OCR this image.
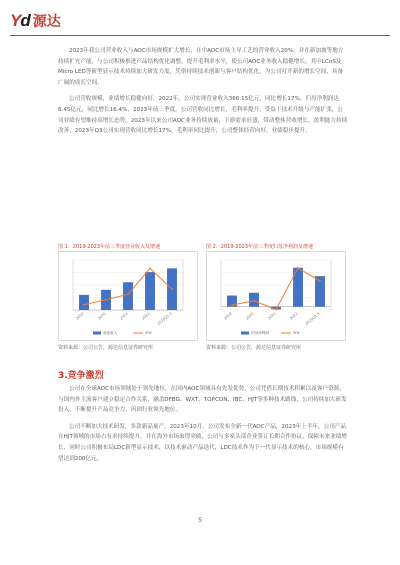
Yd 源达

2023年我公司营业收入与AOC市场规模扩大增长，在中AOC市场主导工艺的营业收入20%，并在新加坡等地方持续扩充产能，与公司积极推进产品结构优化调整，提升毛利率水平，使公司AOC业务收入稳健增长，其中LCoS及Micro LED等新型显示技术持续加大研发力度，凭借持续技术创新与客户结构优化，为公司打开新的增长空间，具备广阔的成长空间。

公司营收规模，业绩增长稳健向好，2022年，公司实现营业收入366.15亿元，同比增长17%，归母净利润达6.45亿元，同比增长16.4%，2023年前三季度，公司营收同比增长，毛利率提升，受益于技术升级与产能扩张，公司业绩有望维持高增长态势，2023年以来公司AOC业务持续放量，下游需求旺盛，带动整体营收增长，盈利能力持续改善，2023年Q3公司实现营收同比增长17%，毛利率同比提升，公司整体经营向好，业绩稳步提升。

图 1：2019-2023年前三季度营业收入及增速
2019	2020	2021	2022 2023Q1-3
营业收入	YOY
资料来源：公司公告，源达信息证券研究所
图 2：2019-2023年前三季度归母净利润及增速
2019	2020	2021	2022 2023Q1-3
归母净利润	YOY
资料来源：公司公告，源达信息证券研究所
3.竞争激烈

公司在全球AOC市场领域处于领先地位，在国内AOC领域具有先发优势，公司凭借长期技术积累以及客户资源，与国内外主流客户建立稳定合作关系，涵盖DFBG、WXT、TOPCON、IBC、HJT等多种技术路线，公司持续加大研发投入，不断提升产品竞争力，巩固行业领先地位。

公司不断加大技术研发，多款新品量产，2023年10月，公司发布全新一代AOC产品，2023年上半年，公司产品在HJT领域的市场占有率持续提升，并在海外市场取得突破，公司与多家头部企业签订长期合作协议，保障未来业绩增长，同时公司积极布局LDC新型显示技术，以技术驱动产品迭代，LDC技术作为下一代显示技术的核心，市场规模有望达到200亿元。

5
